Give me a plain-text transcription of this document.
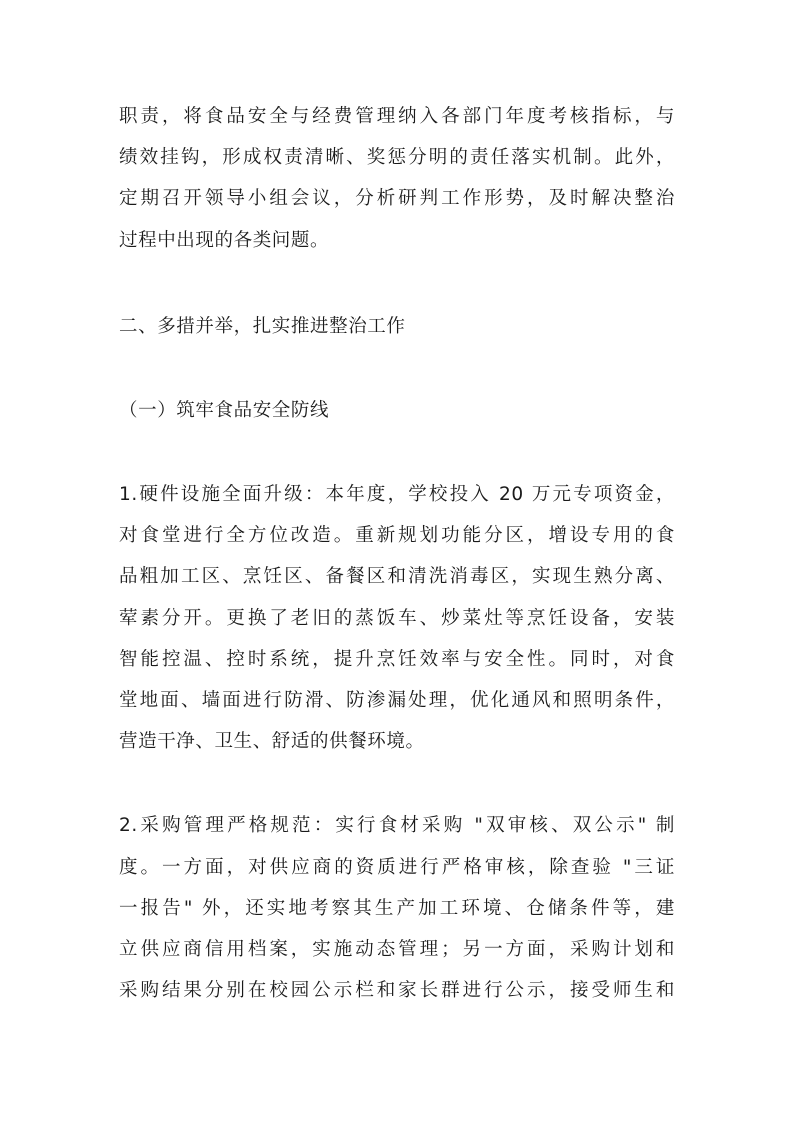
职责，将食品安全与经费管理纳入各部门年度考核指标，与
绩效挂钩，形成权责清晰、奖惩分明的责任落实机制。此外，
定期召开领导小组会议，分析研判工作形势，及时解决整治
过程中出现的各类问题。
二、多措并举，扎实推进整治工作
（一）筑牢食品安全防线
1.硬件设施全面升级：本年度，学校投入 20 万元专项资金，
对食堂进行全方位改造。重新规划功能分区，增设专用的食
品粗加工区、烹饪区、备餐区和清洗消毒区，实现生熟分离、
荤素分开。更换了老旧的蒸饭车、炒菜灶等烹饪设备，安装
智能控温、控时系统，提升烹饪效率与安全性。同时，对食
堂地面、墙面进行防滑、防渗漏处理，优化通风和照明条件，
营造干净、卫生、舒适的供餐环境。
2.采购管理严格规范：实行食材采购 "双审核、双公示" 制
度。一方面，对供应商的资质进行严格审核，除查验 "三证
一报告" 外，还实地考察其生产加工环境、仓储条件等，建
立供应商信用档案，实施动态管理；另一方面，采购计划和
采购结果分别在校园公示栏和家长群进行公示，接受师生和
